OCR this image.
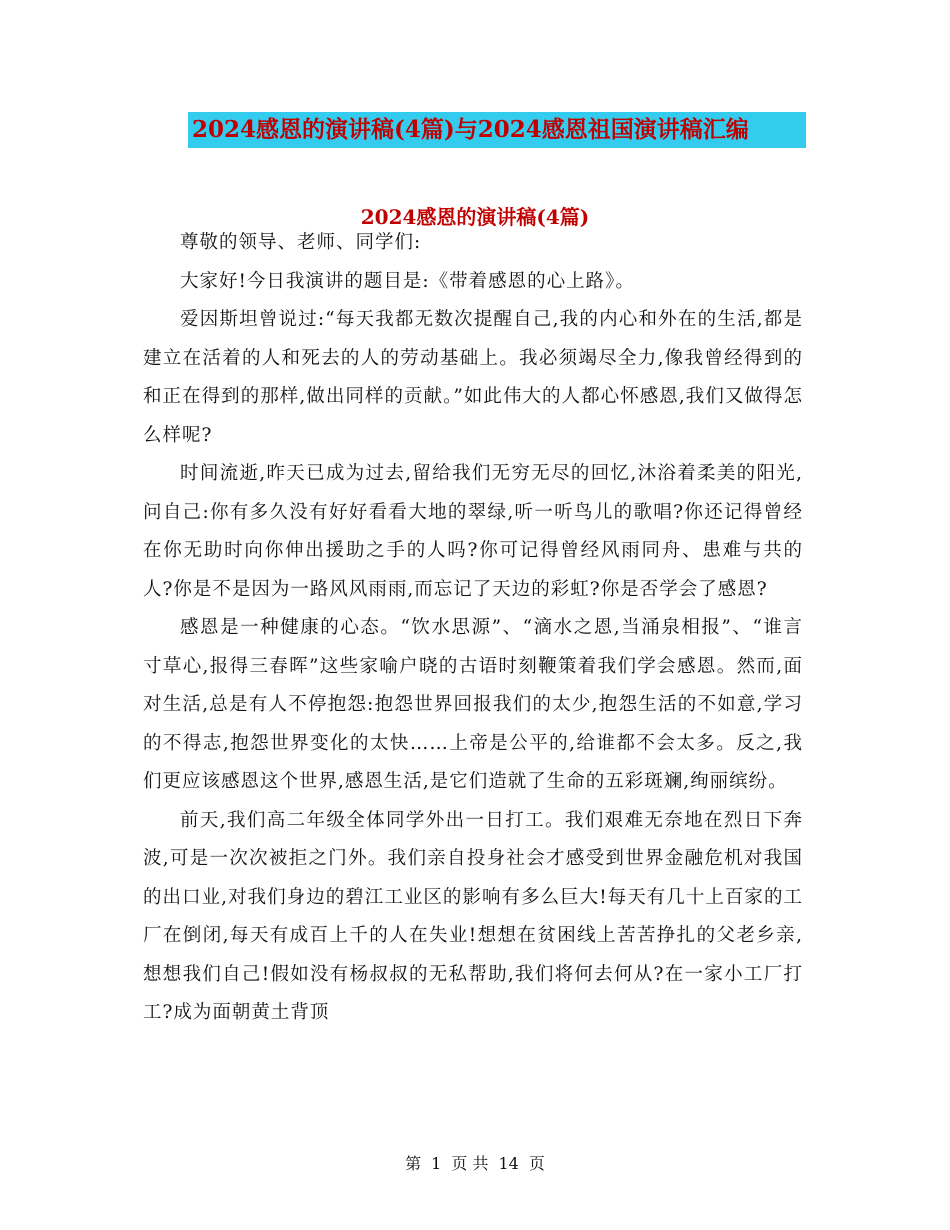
2024感恩的演讲稿(4篇)与2024感恩祖国演讲稿汇编
2024感恩的演讲稿(4篇)

尊敬的领导、老师、同学们:

大家好!今日我演讲的题目是:《带着感恩的心上路》。

爱因斯坦曾说过:“每天我都无数次提醒自己,我的内心和外在的生活,都是建立在活着的人和死去的人的劳动基础上。我必须竭尽全力,像我曾经得到的和正在得到的那样,做出同样的贡献。”如此伟大的人都心怀感恩,我们又做得怎么样呢?

时间流逝,昨天已成为过去,留给我们无穷无尽的回忆,沐浴着柔美的阳光,问自己:你有多久没有好好看看大地的翠绿,听一听鸟儿的歌唱?你还记得曾经在你无助时向你伸出援助之手的人吗?你可记得曾经风雨同舟、患难与共的人?你是不是因为一路风风雨雨,而忘记了天边的彩虹?你是否学会了感恩?

感恩是一种健康的心态。“饮水思源”、“滴水之恩,当涌泉相报”、“谁言寸草心,报得三春晖”这些家喻户晓的古语时刻鞭策着我们学会感恩。然而,面对生活,总是有人不停抱怨:抱怨世界回报我们的太少,抱怨生活的不如意,学习的不得志,抱怨世界变化的太快……上帝是公平的,给谁都不会太多。反之,我们更应该感恩这个世界,感恩生活,是它们造就了生命的五彩斑斓,绚丽缤纷。

前天,我们高二年级全体同学外出一日打工。我们艰难无奈地在烈日下奔波,可是一次次被拒之门外。我们亲自投身社会才感受到世界金融危机对我国的出口业,对我们身边的碧江工业区的影响有多么巨大!每天有几十上百家的工厂在倒闭,每天有成百上千的人在失业!想想在贫困线上苦苦挣扎的父老乡亲,想想我们自己!假如没有杨叔叔的无私帮助,我们将何去何从?在一家小工厂打工?成为面朝黄土背顶

第 1 页 共 14 页
